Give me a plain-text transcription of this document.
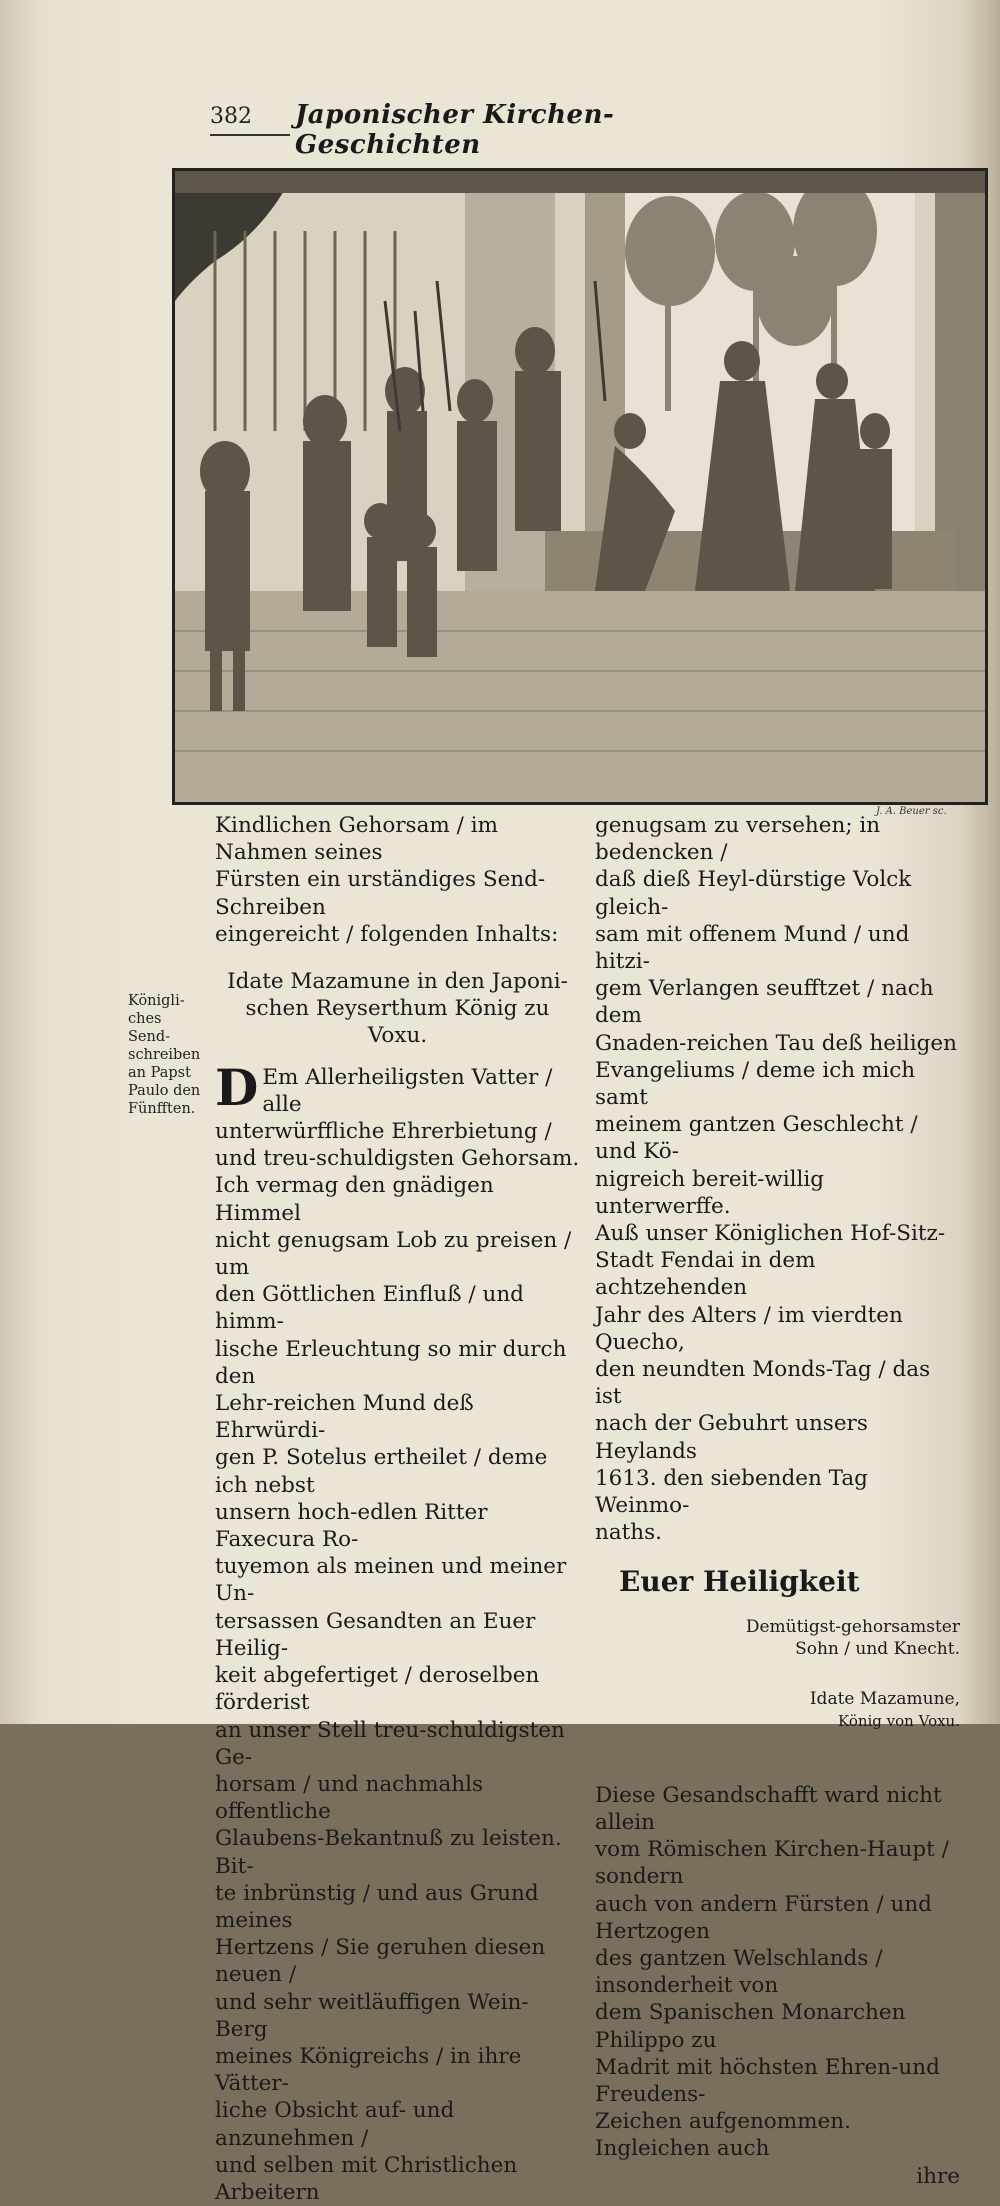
382 Japonischer Kirchen-Geschichten
J. A. Beuer sc.

Königli-

ches Send-

schreiben

an Papst

Paulo den

Fünfften.

Kindlichen Gehorsam / im Nahmen seines

Fürsten ein urständiges Send-Schreiben

eingereicht / folgenden Inhalts:

Idate Mazamune in den Japoni-

schen Reyserthum König zu

Voxu.

D Em Allerheiligsten Vatter / alle

unterwürffliche Ehrerbietung /

und treu-schuldigsten Gehorsam.

Ich vermag den gnädigen Himmel

nicht genugsam Lob zu preisen / um

den Göttlichen Einfluß / und himm-

lische Erleuchtung so mir durch den

Lehr-reichen Mund deß Ehrwürdi-

gen P. Sotelus ertheilet / deme ich nebst

unsern hoch-edlen Ritter Faxecura Ro-

tuyemon als meinen und meiner Un-

tersassen Gesandten an Euer Heilig-

keit abgefertiget / deroselben förderist

an unser Stell treu-schuldigsten Ge-

horsam / und nachmahls offentliche

Glaubens-Bekantnuß zu leisten. Bit-

te inbrünstig / und aus Grund meines

Hertzens / Sie geruhen diesen neuen /

und sehr weitläuffigen Wein-Berg

meines Königreichs / in ihre Vätter-

liche Obsicht auf- und anzunehmen /

und selben mit Christlichen Arbeitern

genugsam zu versehen; in bedencken /

daß dieß Heyl-dürstige Volck gleich-

sam mit offenem Mund / und hitzi-

gem Verlangen seufftzet / nach dem

Gnaden-reichen Tau deß heiligen

Evangeliums / deme ich mich samt

meinem gantzen Geschlecht / und Kö-

nigreich bereit-willig unterwerffe.

Auß unser Königlichen Hof-Sitz-

Stadt Fendai in dem achtzehenden

Jahr des Alters / im vierdten Quecho,

den neundten Monds-Tag / das ist

nach der Gebuhrt unsers Heylands

1613. den siebenden Tag Weinmo-

naths.

Euer Heiligkeit

Demütigst-gehorsamster

Sohn / und Knecht.

Idate Mazamune,

König von Voxu.

Diese Gesandschafft ward nicht allein

vom Römischen Kirchen-Haupt / sondern

auch von andern Fürsten / und Hertzogen

des gantzen Welschlands / insonderheit von

dem Spanischen Monarchen Philippo zu

Madrit mit höchsten Ehren-und Freudens-

Zeichen aufgenommen. Ingleichen auch

ihre
